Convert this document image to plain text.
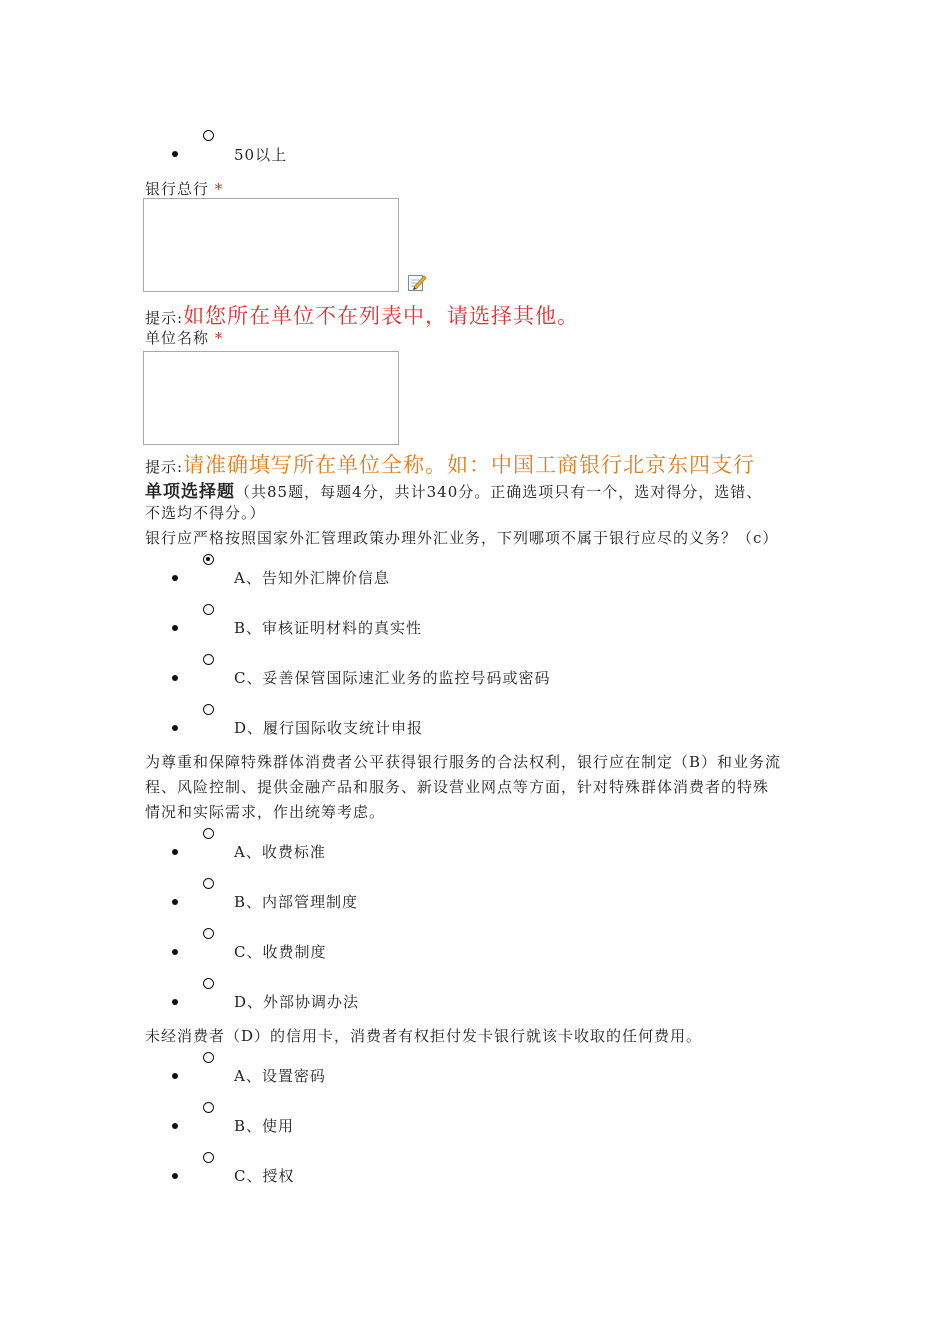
50以上
银行总行 *
提示:如您所在单位不在列表中，请选择其他。
单位名称 *
提示:请准确填写所在单位全称。如：中国工商银行北京东四支行
单项选择题（共85题，每题4分，共计340分。正确选项只有一个，选对得分，选错、
不选均不得分。）
银行应严格按照国家外汇管理政策办理外汇业务，下列哪项不属于银行应尽的义务？（c）
A、告知外汇牌价信息
B、审核证明材料的真实性
C、妥善保管国际速汇业务的监控号码或密码
D、履行国际收支统计申报
为尊重和保障特殊群体消费者公平获得银行服务的合法权利，银行应在制定（B）和业务流
程、风险控制、提供金融产品和服务、新设营业网点等方面，针对特殊群体消费者的特殊
情况和实际需求，作出统筹考虑。
A、收费标准
B、内部管理制度
C、收费制度
D、外部协调办法
未经消费者（D）的信用卡，消费者有权拒付发卡银行就该卡收取的任何费用。
A、设置密码
B、使用
C、授权
